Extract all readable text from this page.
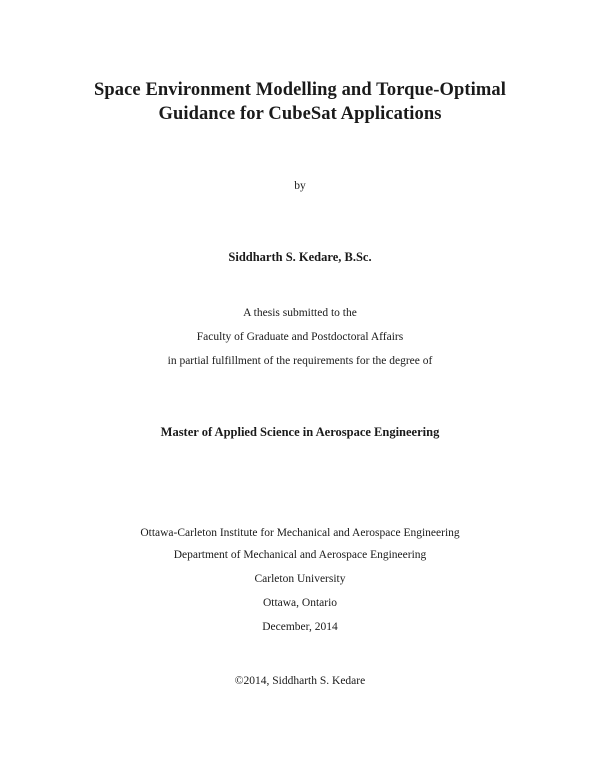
Space Environment Modelling and Torque-Optimal
Guidance for CubeSat Applications
by
Siddharth S. Kedare, B.Sc.
A thesis submitted to the
Faculty of Graduate and Postdoctoral Affairs
in partial fulfillment of the requirements for the degree of
Master of Applied Science in Aerospace Engineering
Ottawa-Carleton Institute for Mechanical and Aerospace Engineering
Department of Mechanical and Aerospace Engineering
Carleton University
Ottawa, Ontario
December, 2014
©2014, Siddharth S. Kedare
